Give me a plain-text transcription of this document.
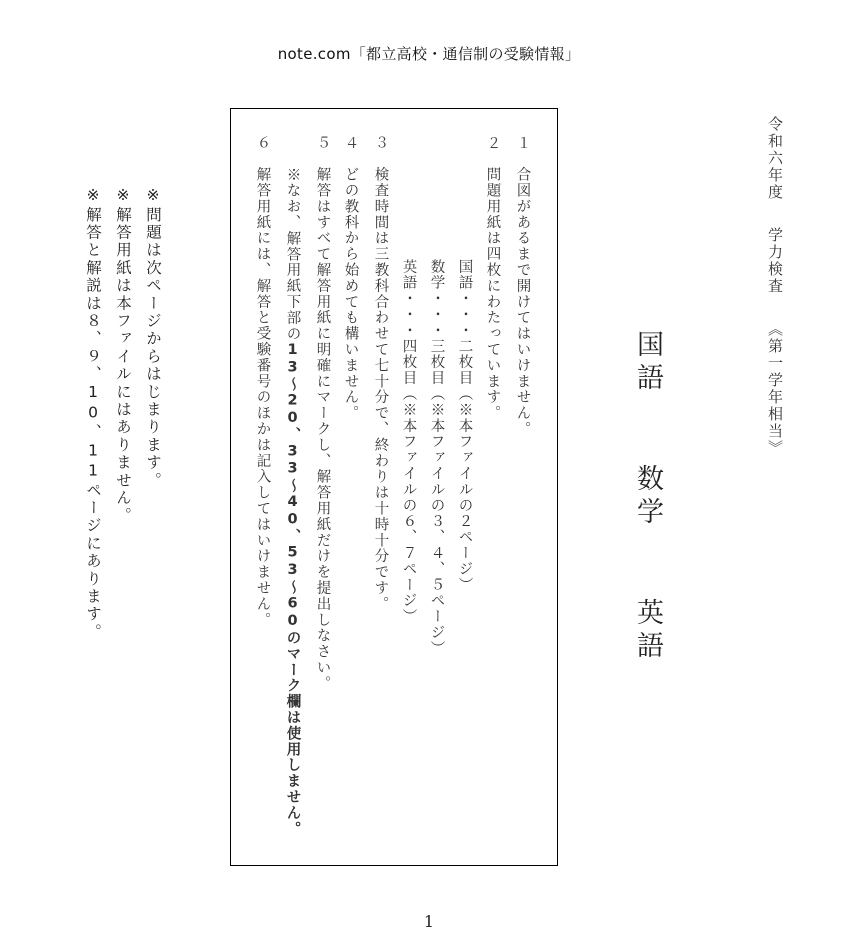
note.com「都立高校・通信制の受験情報」
令和六年度学力検査《第一学年相当》
国語数学英語
１　合図があるまで開けてはいけません。
２　問題用紙は四枚にわたっています。
国語・・・二枚目（※本ファイルの２ページ）
数学・・・三枚目（※本ファイルの３、４、５ページ）
英語・・・四枚目（※本ファイルの６、７ページ）
３　検査時間は三教科合わせて七十分で、終わりは十時十分です。
４　どの教科から始めても構いません。
５　解答はすべて解答用紙に明確にマークし、解答用紙だけを提出しなさい。
※なお、解答用紙下部の13～20、33～40、53～60のマーク欄は使用しません。
６　解答用紙には、解答と受験番号のほかは記入してはいけません。
※問題は次ページからはじまります。
※解答用紙は本ファイルにはありません。
※解答と解説は８、９、10、11ページにあります。
1
